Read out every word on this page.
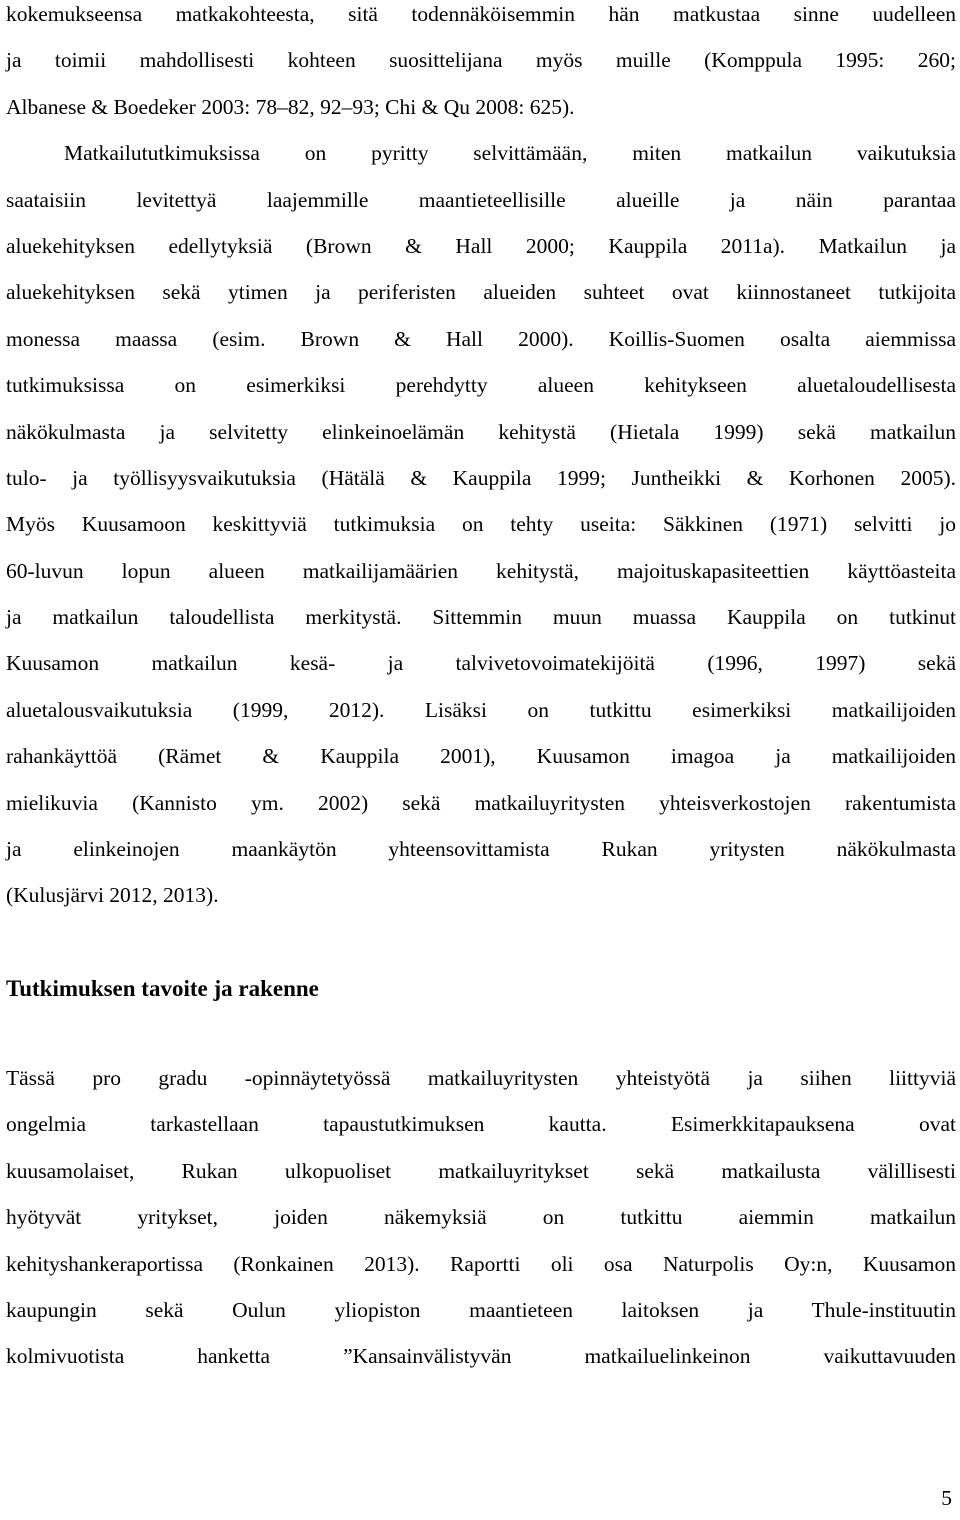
kokemukseensa matkakohteesta, sitä todennäköisemmin hän matkustaa sinne uudelleen
ja toimii mahdollisesti kohteen suosittelijana myös muille (Komppula 1995: 260;
Albanese & Boedeker 2003: 78–82, 92–93; Chi & Qu 2008: 625).
Matkailututkimuksissa on pyritty selvittämään, miten matkailun vaikutuksia
saataisiin levitettyä laajemmille maantieteellisille alueille ja näin parantaa
aluekehityksen edellytyksiä (Brown & Hall 2000; Kauppila 2011a). Matkailun ja
aluekehityksen sekä ytimen ja periferisten alueiden suhteet ovat kiinnostaneet tutkijoita
monessa maassa (esim. Brown & Hall 2000). Koillis-Suomen osalta aiemmissa
tutkimuksissa on esimerkiksi perehdytty alueen kehitykseen aluetaloudellisesta
näkökulmasta ja selvitetty elinkeinoelämän kehitystä (Hietala 1999) sekä matkailun
tulo- ja työllisyysvaikutuksia (Hätälä & Kauppila 1999; Juntheikki & Korhonen 2005).
Myös Kuusamoon keskittyviä tutkimuksia on tehty useita: Säkkinen (1971) selvitti jo
60-luvun lopun alueen matkailijamäärien kehitystä, majoituskapasiteettien käyttöasteita
ja matkailun taloudellista merkitystä. Sittemmin muun muassa Kauppila on tutkinut
Kuusamon matkailun kesä- ja talvivetovoimatekijöitä (1996, 1997) sekä
aluetalousvaikutuksia (1999, 2012). Lisäksi on tutkittu esimerkiksi matkailijoiden
rahankäyttöä (Rämet & Kauppila 2001), Kuusamon imagoa ja matkailijoiden
mielikuvia (Kannisto ym. 2002) sekä matkailuyritysten yhteisverkostojen rakentumista
ja elinkeinojen maankäytön yhteensovittamista Rukan yritysten näkökulmasta
(Kulusjärvi 2012, 2013).
Tutkimuksen tavoite ja rakenne
Tässä pro gradu -opinnäytetyössä matkailuyritysten yhteistyötä ja siihen liittyviä
ongelmia tarkastellaan tapaustutkimuksen kautta. Esimerkkitapauksena ovat
kuusamolaiset, Rukan ulkopuoliset matkailuyritykset sekä matkailusta välillisesti
hyötyvät yritykset, joiden näkemyksiä on tutkittu aiemmin matkailun
kehityshankeraportissa (Ronkainen 2013). Raportti oli osa Naturpolis Oy:n, Kuusamon
kaupungin sekä Oulun yliopiston maantieteen laitoksen ja Thule-instituutin
kolmivuotista hanketta ”Kansainvälistyvän matkailuelinkeinon vaikuttavuuden
5
